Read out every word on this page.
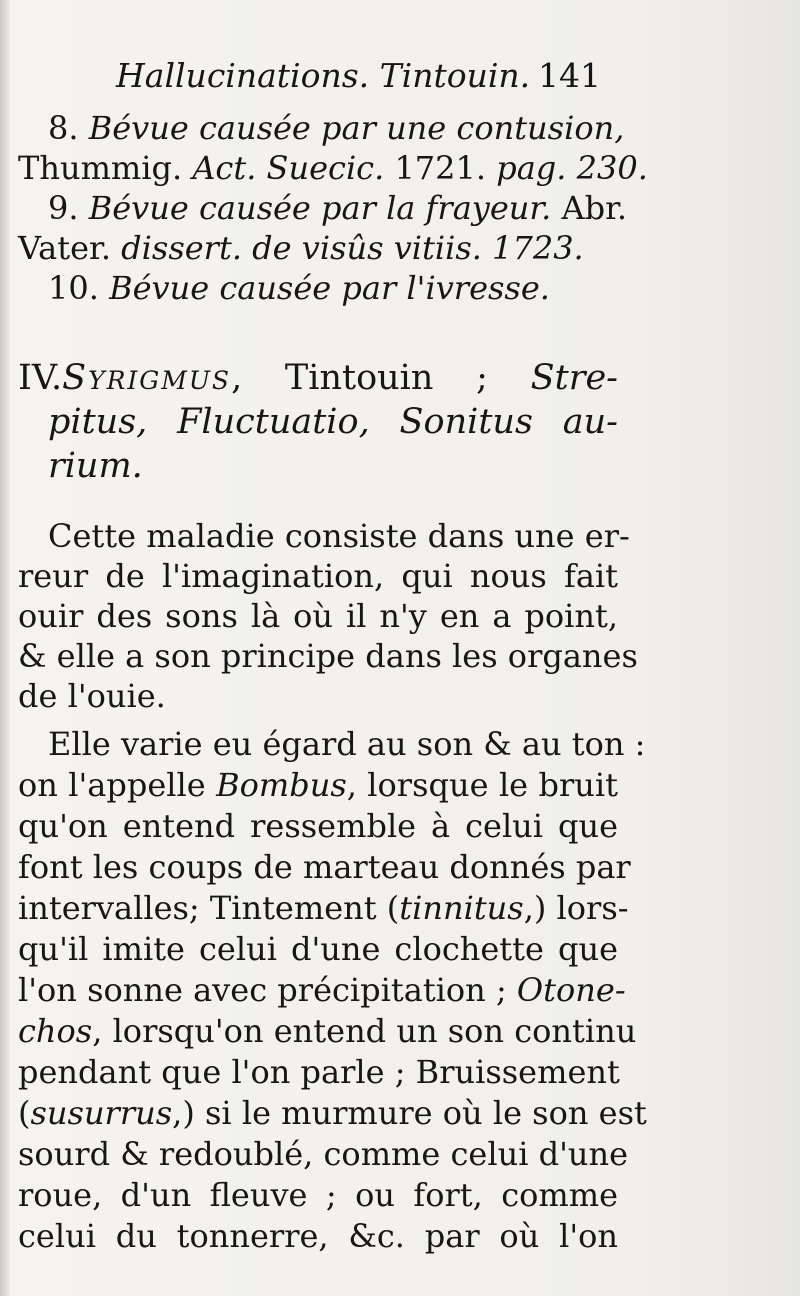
Hallucinations. Tintouin. 141
8. Bévue causée par une contusion,
Thummig. Act. Suecic. 1721. pag. 230.
9. Bévue causée par la frayeur. Abr.
Vater. dissert. de visûs vitiis. 1723.
10. Bévue causée par l'ivresse.
IV.Syrigmus, Tintouin ; Stre-
pitus, Fluctuatio, Sonitus au-
rium.
Cette maladie consiste dans une er-
reur de l'imagination, qui nous fait
ouir des sons là où il n'y en a point,
& elle a son principe dans les organes
de l'ouie.
Elle varie eu égard au son & au ton :
on l'appelle Bombus, lorsque le bruit
qu'on entend ressemble à celui que
font les coups de marteau donnés par
intervalles; Tintement (tinnitus,) lors-
qu'il imite celui d'une clochette que
l'on sonne avec précipitation ; Otone-
chos, lorsqu'on entend un son continu
pendant que l'on parle ; Bruissement
(susurrus,) si le murmure où le son est
sourd & redoublé, comme celui d'une
roue, d'un fleuve ; ou fort, comme
celui du tonnerre, &c. par où l'on
